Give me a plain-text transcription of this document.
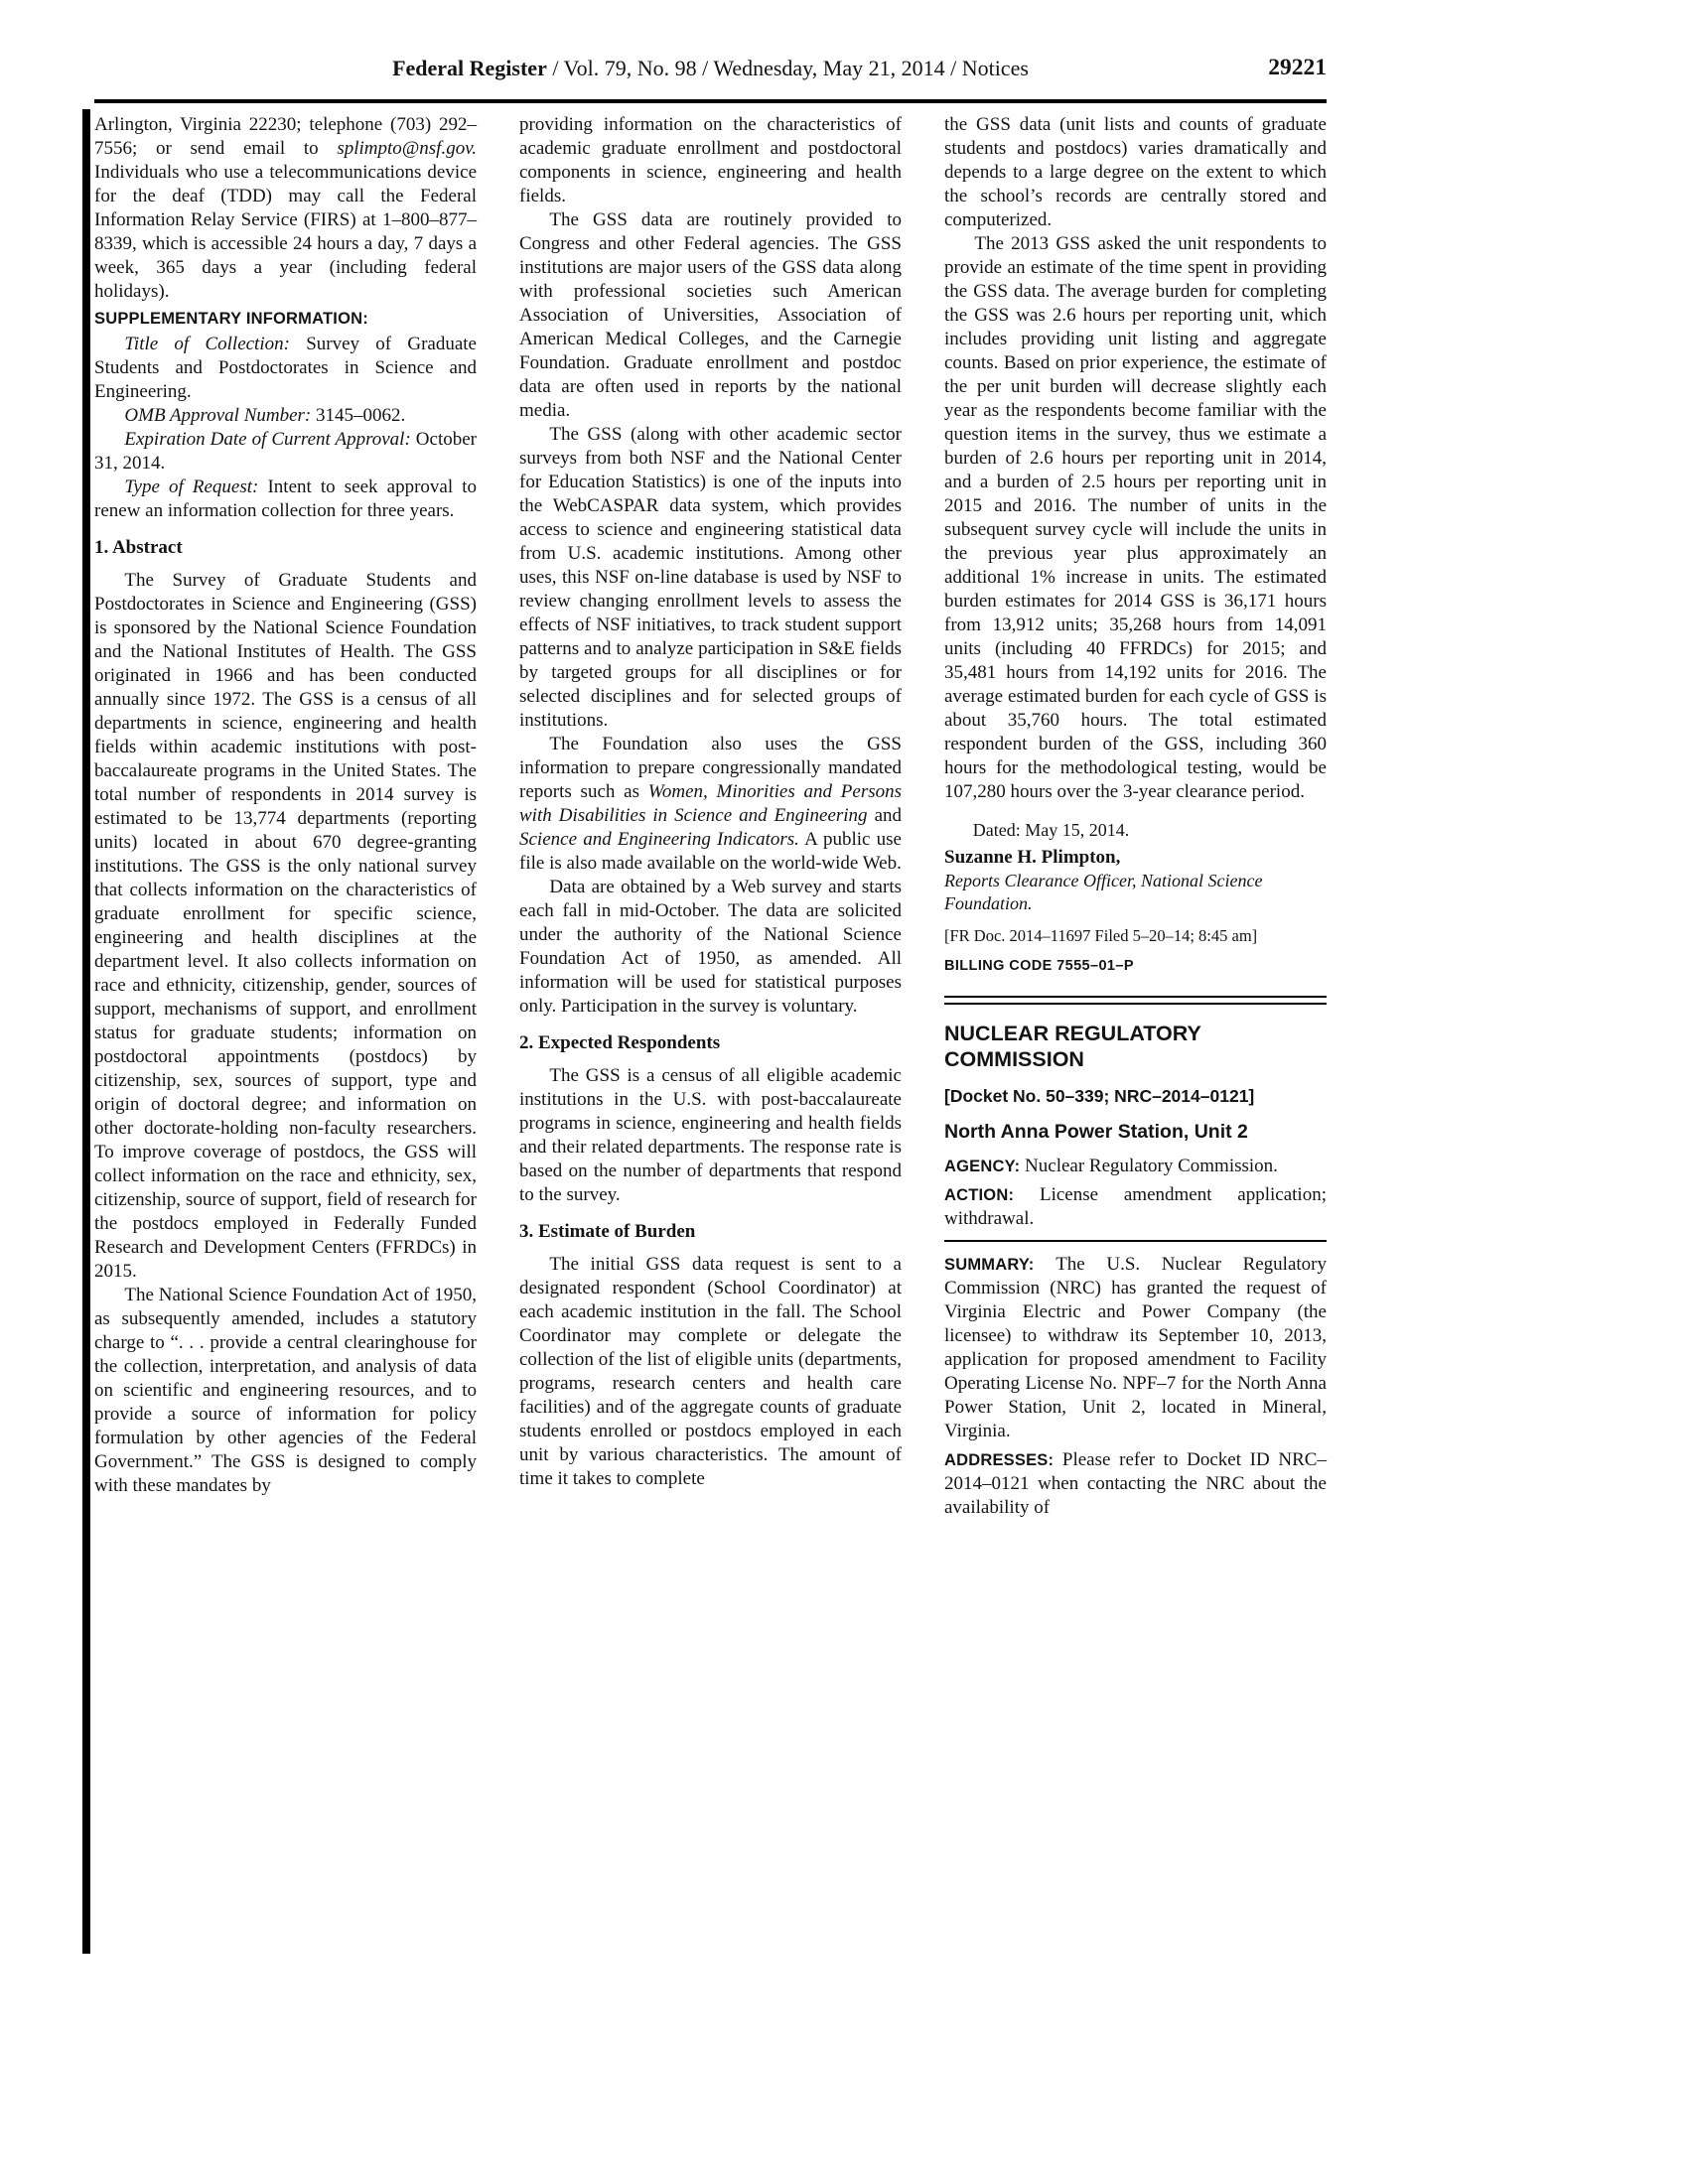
Federal Register / Vol. 79, No. 98 / Wednesday, May 21, 2014 / Notices	29221
Arlington, Virginia 22230; telephone (703) 292–7556; or send email to splimpto@nsf.gov. Individuals who use a telecommunications device for the deaf (TDD) may call the Federal Information Relay Service (FIRS) at 1–800–877–8339, which is accessible 24 hours a day, 7 days a week, 365 days a year (including federal holidays).
SUPPLEMENTARY INFORMATION:
Title of Collection: Survey of Graduate Students and Postdoctorates in Science and Engineering.
OMB Approval Number: 3145–0062.
Expiration Date of Current Approval: October 31, 2014.
Type of Request: Intent to seek approval to renew an information collection for three years.
1. Abstract
The Survey of Graduate Students and Postdoctorates in Science and Engineering (GSS) is sponsored by the National Science Foundation and the National Institutes of Health. The GSS originated in 1966 and has been conducted annually since 1972. The GSS is a census of all departments in science, engineering and health fields within academic institutions with post-baccalaureate programs in the United States. The total number of respondents in 2014 survey is estimated to be 13,774 departments (reporting units) located in about 670 degree-granting institutions. The GSS is the only national survey that collects information on the characteristics of graduate enrollment for specific science, engineering and health disciplines at the department level. It also collects information on race and ethnicity, citizenship, gender, sources of support, mechanisms of support, and enrollment status for graduate students; information on postdoctoral appointments (postdocs) by citizenship, sex, sources of support, type and origin of doctoral degree; and information on other doctorate-holding non-faculty researchers. To improve coverage of postdocs, the GSS will collect information on the race and ethnicity, sex, citizenship, source of support, field of research for the postdocs employed in Federally Funded Research and Development Centers (FFRDCs) in 2015.
The National Science Foundation Act of 1950, as subsequently amended, includes a statutory charge to “. . . provide a central clearinghouse for the collection, interpretation, and analysis of data on scientific and engineering resources, and to provide a source of information for policy formulation by other agencies of the Federal Government.” The GSS is designed to comply with these mandates by
providing information on the characteristics of academic graduate enrollment and postdoctoral components in science, engineering and health fields.
The GSS data are routinely provided to Congress and other Federal agencies. The GSS institutions are major users of the GSS data along with professional societies such American Association of Universities, Association of American Medical Colleges, and the Carnegie Foundation. Graduate enrollment and postdoc data are often used in reports by the national media.
The GSS (along with other academic sector surveys from both NSF and the National Center for Education Statistics) is one of the inputs into the WebCASPAR data system, which provides access to science and engineering statistical data from U.S. academic institutions. Among other uses, this NSF on-line database is used by NSF to review changing enrollment levels to assess the effects of NSF initiatives, to track student support patterns and to analyze participation in S&E fields by targeted groups for all disciplines or for selected disciplines and for selected groups of institutions.
The Foundation also uses the GSS information to prepare congressionally mandated reports such as Women, Minorities and Persons with Disabilities in Science and Engineering and Science and Engineering Indicators. A public use file is also made available on the world-wide Web.
Data are obtained by a Web survey and starts each fall in mid-October. The data are solicited under the authority of the National Science Foundation Act of 1950, as amended. All information will be used for statistical purposes only. Participation in the survey is voluntary.
2. Expected Respondents
The GSS is a census of all eligible academic institutions in the U.S. with post-baccalaureate programs in science, engineering and health fields and their related departments. The response rate is based on the number of departments that respond to the survey.
3. Estimate of Burden
The initial GSS data request is sent to a designated respondent (School Coordinator) at each academic institution in the fall. The School Coordinator may complete or delegate the collection of the list of eligible units (departments, programs, research centers and health care facilities) and of the aggregate counts of graduate students enrolled or postdocs employed in each unit by various characteristics. The amount of time it takes to complete
the GSS data (unit lists and counts of graduate students and postdocs) varies dramatically and depends to a large degree on the extent to which the school’s records are centrally stored and computerized.
The 2013 GSS asked the unit respondents to provide an estimate of the time spent in providing the GSS data. The average burden for completing the GSS was 2.6 hours per reporting unit, which includes providing unit listing and aggregate counts. Based on prior experience, the estimate of the per unit burden will decrease slightly each year as the respondents become familiar with the question items in the survey, thus we estimate a burden of 2.6 hours per reporting unit in 2014, and a burden of 2.5 hours per reporting unit in 2015 and 2016. The number of units in the subsequent survey cycle will include the units in the previous year plus approximately an additional 1% increase in units. The estimated burden estimates for 2014 GSS is 36,171 hours from 13,912 units; 35,268 hours from 14,091 units (including 40 FFRDCs) for 2015; and 35,481 hours from 14,192 units for 2016. The average estimated burden for each cycle of GSS is about 35,760 hours. The total estimated respondent burden of the GSS, including 360 hours for the methodological testing, would be 107,280 hours over the 3-year clearance period.
Dated: May 15, 2014.
Suzanne H. Plimpton,
Reports Clearance Officer, National Science Foundation.
[FR Doc. 2014–11697 Filed 5–20–14; 8:45 am]
BILLING CODE 7555–01–P
NUCLEAR REGULATORY COMMISSION
[Docket No. 50–339; NRC–2014–0121]
North Anna Power Station, Unit 2
AGENCY: Nuclear Regulatory Commission.
ACTION: License amendment application; withdrawal.
SUMMARY: The U.S. Nuclear Regulatory Commission (NRC) has granted the request of Virginia Electric and Power Company (the licensee) to withdraw its September 10, 2013, application for proposed amendment to Facility Operating License No. NPF–7 for the North Anna Power Station, Unit 2, located in Mineral, Virginia.
ADDRESSES: Please refer to Docket ID NRC–2014–0121 when contacting the NRC about the availability of
